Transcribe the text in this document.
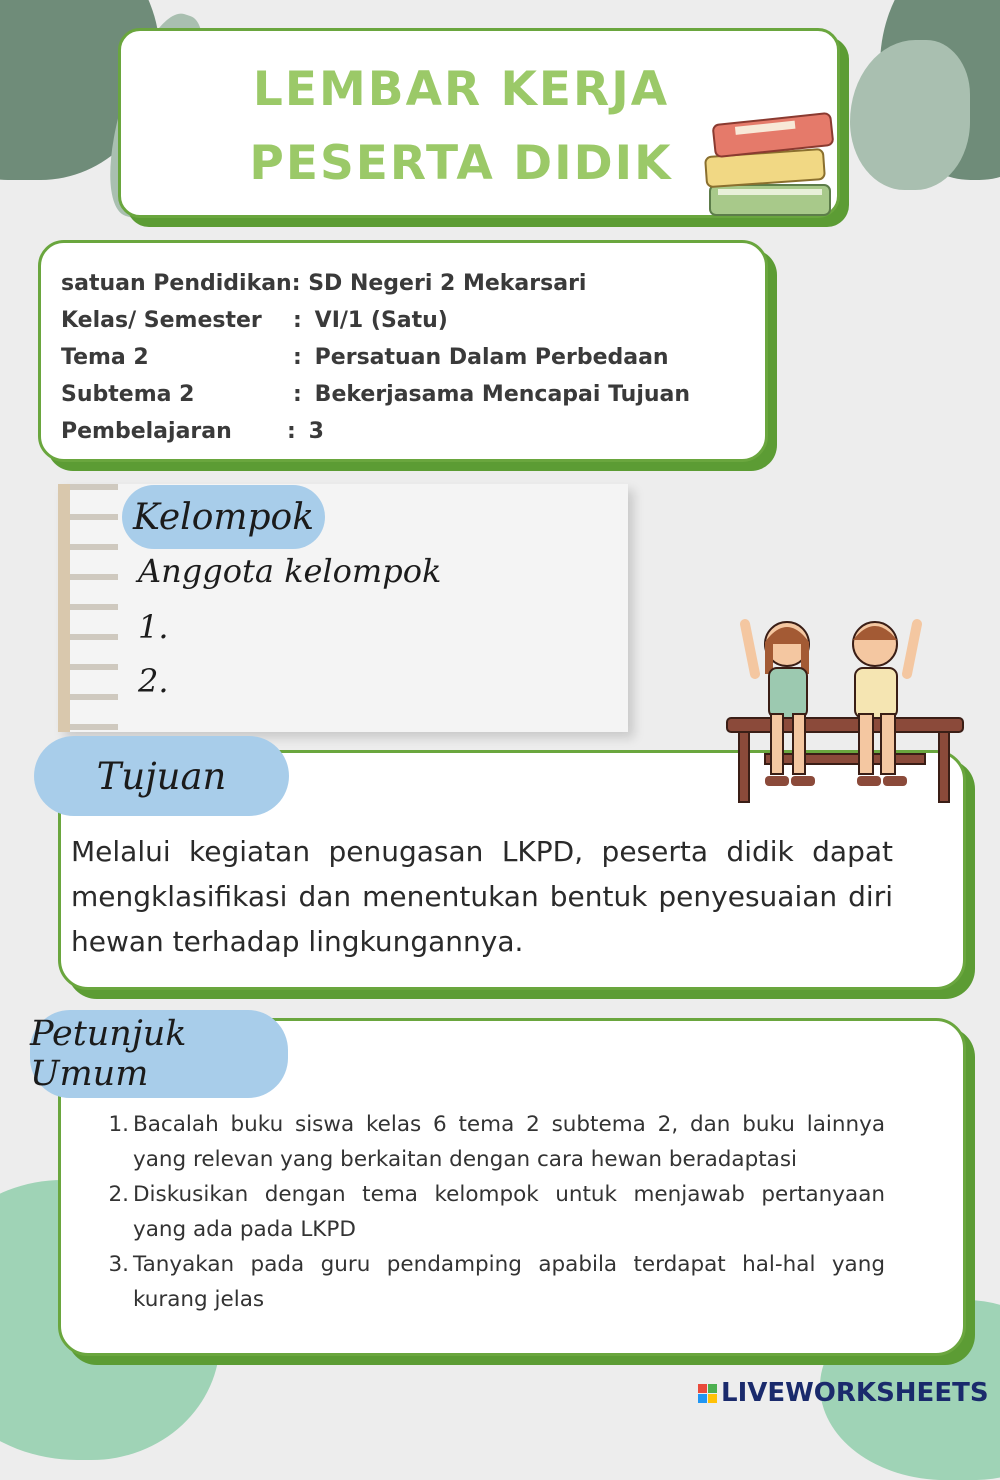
LEMBAR KERJA
PESERTA DIDIK
satuan Pendidikan :
SD Negeri 2 Mekarsari
Kelas/ Semester	:
VI/1 (Satu)
Tema 2	:
Persatuan Dalam Perbedaan
Subtema 2	:
Bekerjasama Mencapai Tujuan
Pembelajaran	:
3
Kelompok
Anggota kelompok
1.
2.
Melalui kegiatan penugasan LKPD, peserta didik dapat mengklasifikasi dan menentukan bentuk penyesuaian diri hewan terhadap lingkungannya.
Tujuan
1. Bacalah buku siswa kelas 6 tema 2 subtema 2, dan buku lainnya yang relevan yang berkaitan dengan cara hewan beradaptasi
2. Diskusikan dengan tema kelompok untuk menjawab pertanyaan yang ada pada LKPD
3. Tanyakan pada guru pendamping apabila terdapat hal-hal yang kurang jelas
Petunjuk Umum
LIVEWORKSHEETS
